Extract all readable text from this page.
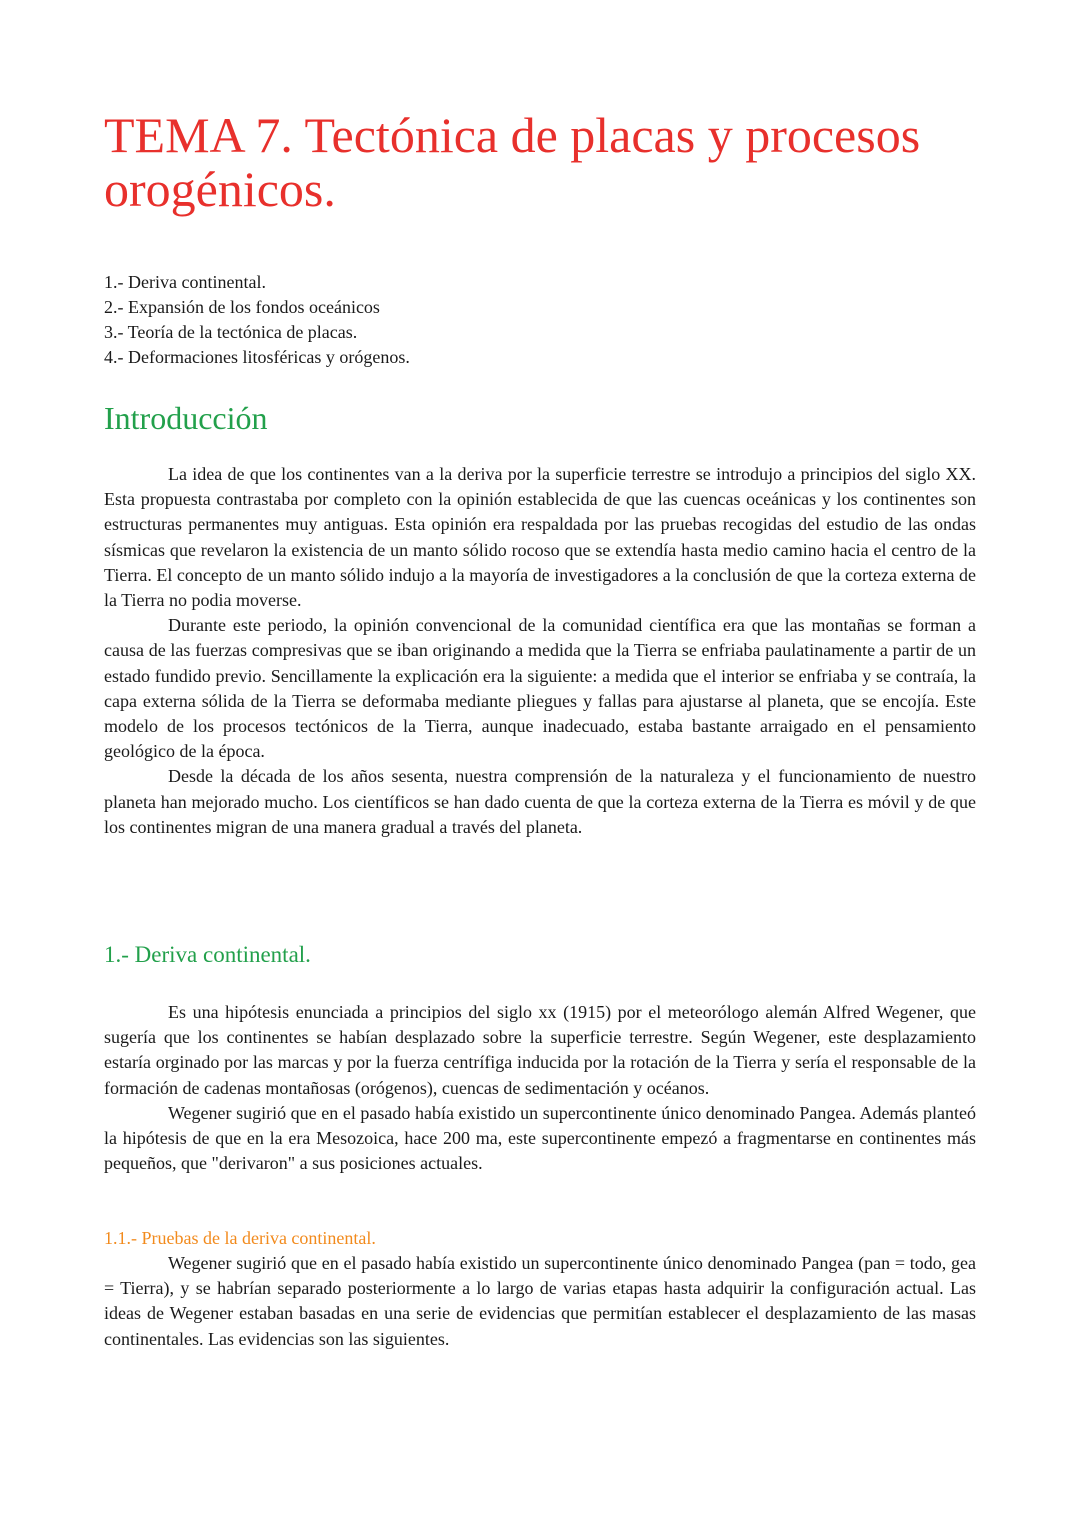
TEMA 7. Tectónica de placas y procesos orogénicos.
1.- Deriva continental.
2.- Expansión de los fondos oceánicos
3.- Teoría de la tectónica de placas.
4.- Deformaciones litosféricas y orógenos.
Introducción

La idea de que los continentes van a la deriva por la superficie terrestre se introdujo a principios del siglo XX. Esta propuesta contrastaba por completo con la opinión establecida de que las cuencas oceánicas y los continentes son estructuras permanentes muy antiguas. Esta opinión era respaldada por las pruebas recogidas del estudio de las ondas sísmicas que revelaron la existencia de un manto sólido rocoso que se extendía hasta medio camino hacia el centro de la Tierra. El concepto de un manto sólido indujo a la mayoría de investigadores a la conclusión de que la corteza externa de la Tierra no podia moverse.

Durante este periodo, la opinión convencional de la comunidad científica era que las montañas se forman a causa de las fuerzas compresivas que se iban originando a medida que la Tierra se enfriaba paulatinamente a partir de un estado fundido previo. Sencillamente la explicación era la siguiente: a medida que el interior se enfriaba y se contraía, la capa externa sólida de la Tierra se deformaba mediante pliegues y fallas para ajustarse al planeta, que se encojía. Este modelo de los procesos tectónicos de la Tierra, aunque inadecuado, estaba bastante arraigado en el pensamiento geológico de la época.

Desde la década de los años sesenta, nuestra comprensión de la naturaleza y el funcionamiento de nuestro planeta han mejorado mucho. Los científicos se han dado cuenta de que la corteza externa de la Tierra es móvil y de que los continentes migran de una manera gradual a través del planeta.

1.- Deriva continental.

Es una hipótesis enunciada a principios del siglo xx (1915) por el meteorólogo alemán Alfred Wegener, que sugería que los continentes se habían desplazado sobre la superficie terrestre. Según Wegener, este desplazamiento estaría orginado por las marcas y por la fuerza centrífiga inducida por la rotación de la Tierra y sería el responsable de la formación de cadenas montañosas (orógenos), cuencas de sedimentación y océanos.

Wegener sugirió que en el pasado había existido un supercontinente único denominado Pangea. Además planteó la hipótesis de que en la era Mesozoica, hace 200 ma, este supercontinente empezó a fragmentarse en continentes más pequeños, que "derivaron" a sus posiciones actuales.

1.1.- Pruebas de la deriva continental.

Wegener sugirió que en el pasado había existido un supercontinente único denominado Pangea (pan = todo, gea = Tierra), y se habrían separado posteriormente a lo largo de varias etapas hasta adquirir la configuración actual. Las ideas de Wegener estaban basadas en una serie de evidencias que permitían establecer el desplazamiento de las masas continentales. Las evidencias son las siguientes.
